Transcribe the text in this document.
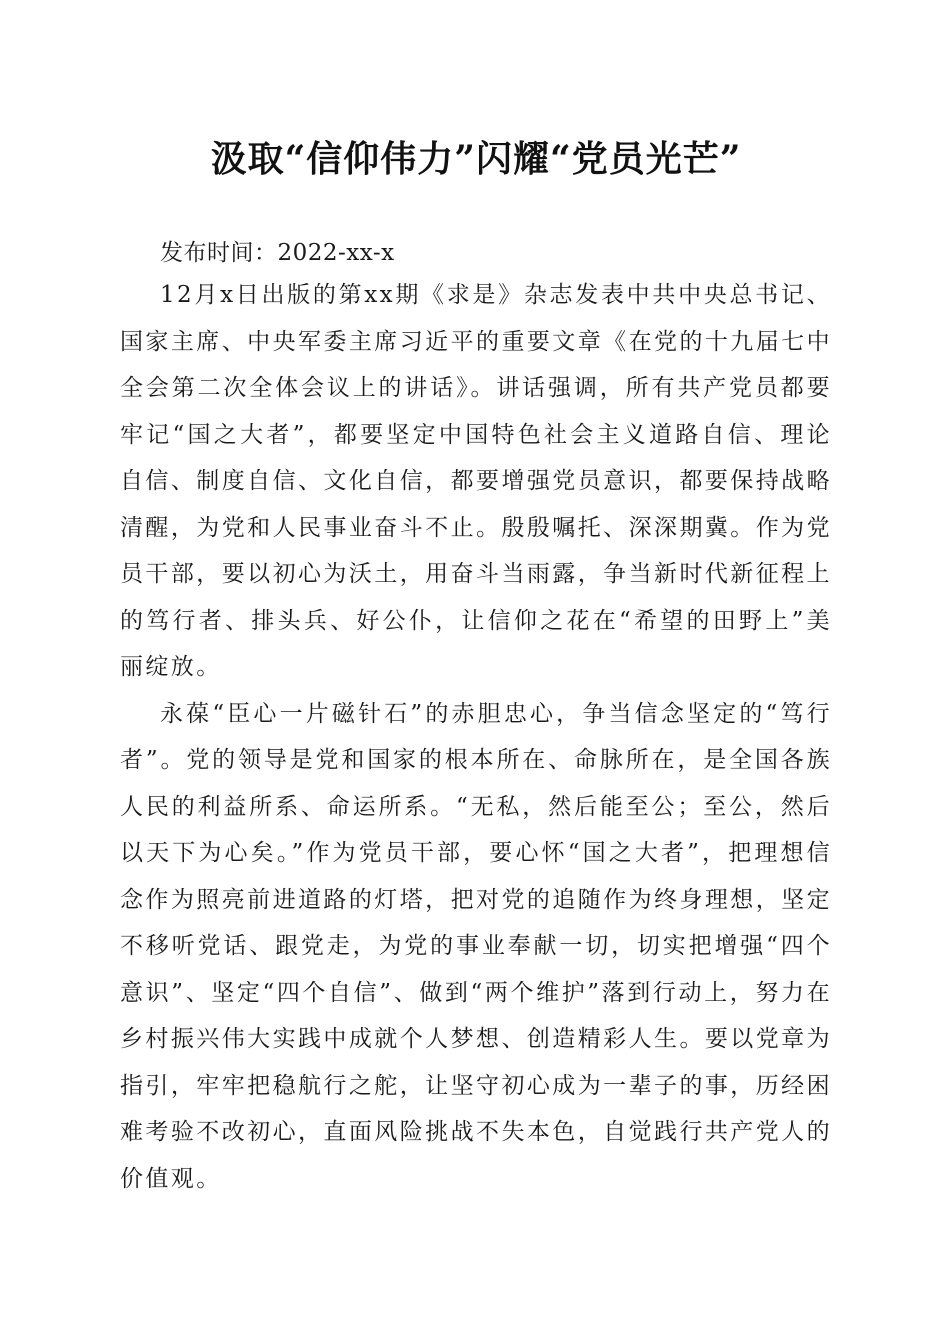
汲取“信仰伟力”闪耀“党员光芒”

发布时间：2022-xx-x

12月x日出版的第xx期《求是》杂志发表中共中央总书记、国家主席、中央军委主席习近平的重要文章《在党的十九届七中全会第二次全体会议上的讲话》。讲话强调，所有共产党员都要牢记“国之大者”，都要坚定中国特色社会主义道路自信、理论自信、制度自信、文化自信，都要增强党员意识，都要保持战略清醒，为党和人民事业奋斗不止。殷殷嘱托、深深期冀。作为党员干部，要以初心为沃土，用奋斗当雨露，争当新时代新征程上的笃行者、排头兵、好公仆，让信仰之花在“希望的田野上”美丽绽放。

永葆“臣心一片磁针石”的赤胆忠心，争当信念坚定的“笃行者”。党的领导是党和国家的根本所在、命脉所在，是全国各族人民的利益所系、命运所系。“无私，然后能至公；至公，然后以天下为心矣。”作为党员干部，要心怀“国之大者”，把理想信念作为照亮前进道路的灯塔，把对党的追随作为终身理想，坚定不移听党话、跟党走，为党的事业奉献一切，切实把增强“四个意识”、坚定“四个自信”、做到“两个维护”落到行动上，努力在乡村振兴伟大实践中成就个人梦想、创造精彩人生。要以党章为指引，牢牢把稳航行之舵，让坚守初心成为一辈子的事，历经困难考验不改初心，直面风险挑战不失本色，自觉践行共产党人的价值观。
